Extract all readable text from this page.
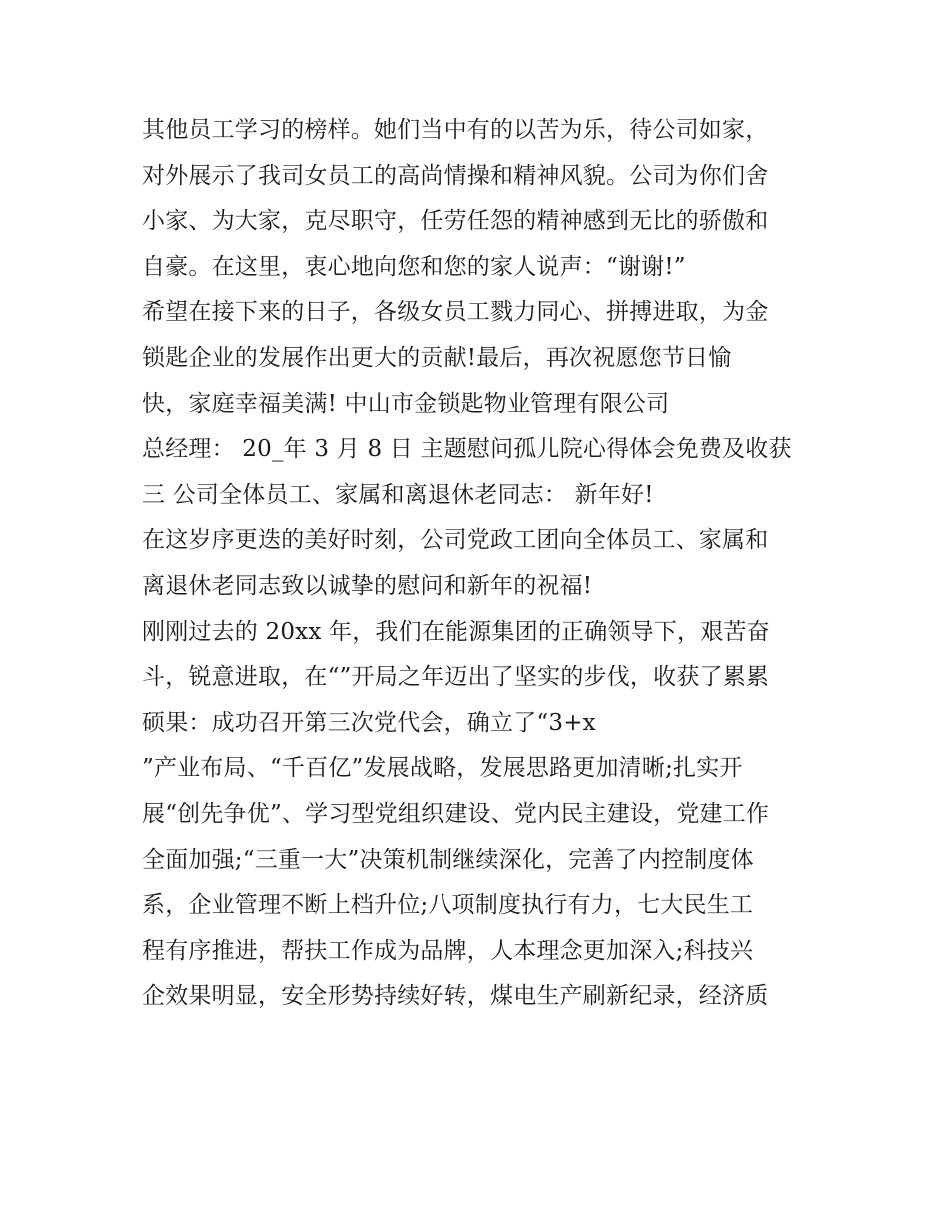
其他员工学习的榜样。她们当中有的以苦为乐，待公司如家，
对外展示了我司女员工的高尚情操和精神风貌。公司为你们舍
小家、为大家，克尽职守，任劳任怨的精神感到无比的骄傲和
自豪。在这里，衷心地向您和您的家人说声：“谢谢!”
希望在接下来的日子，各级女员工戮力同心、拼搏进取，为金
锁匙企业的发展作出更大的贡献!最后，再次祝愿您节日愉
快，家庭幸福美满! 中山市金锁匙物业管理有限公司
总经理： 20_年 3 月 8 日 主题慰问孤儿院心得体会免费及收获
三 公司全体员工、家属和离退休老同志： 新年好!
在这岁序更迭的美好时刻，公司党政工团向全体员工、家属和
离退休老同志致以诚挚的慰问和新年的祝福!
刚刚过去的 20xx 年，我们在能源集团的正确领导下，艰苦奋
斗，锐意进取，在“”开局之年迈出了坚实的步伐，收获了累累
硕果：成功召开第三次党代会，确立了“3+x
”产业布局、“千百亿”发展战略，发展思路更加清晰;扎实开
展“创先争优”、学习型党组织建设、党内民主建设，党建工作
全面加强;“三重一大”决策机制继续深化，完善了内控制度体
系，企业管理不断上档升位;八项制度执行有力，七大民生工
程有序推进，帮扶工作成为品牌，人本理念更加深入;科技兴
企效果明显，安全形势持续好转，煤电生产刷新纪录，经济质
